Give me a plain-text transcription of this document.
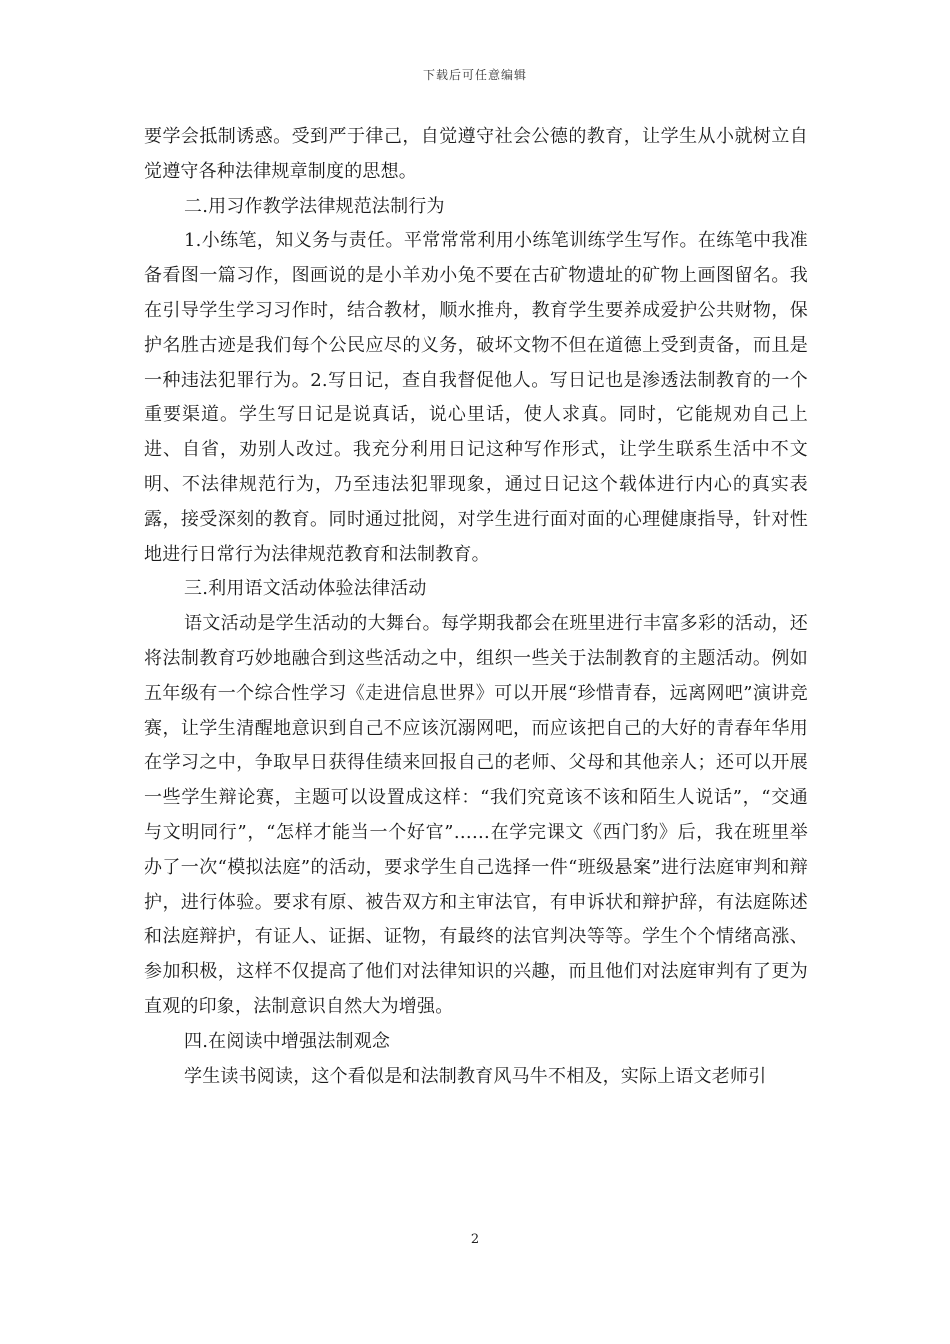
下载后可任意编辑

要学会抵制诱惑。受到严于律己，自觉遵守社会公德的教育，让学生从小就树立自觉遵守各种法律规章制度的思想。

二.用习作教学法律规范法制行为

1.小练笔，知义务与责任。平常常常利用小练笔训练学生写作。在练笔中我准备看图一篇习作，图画说的是小羊劝小兔不要在古矿物遗址的矿物上画图留名。我在引导学生学习习作时，结合教材，顺水推舟，教育学生要养成爱护公共财物，保护名胜古迹是我们每个公民应尽的义务，破坏文物不但在道德上受到责备，而且是一种违法犯罪行为。2.写日记，查自我督促他人。写日记也是渗透法制教育的一个重要渠道。学生写日记是说真话，说心里话，使人求真。同时，它能规劝自己上进、自省，劝别人改过。我充分利用日记这种写作形式，让学生联系生活中不文明、不法律规范行为，乃至违法犯罪现象，通过日记这个载体进行内心的真实表露，接受深刻的教育。同时通过批阅，对学生进行面对面的心理健康指导，针对性地进行日常行为法律规范教育和法制教育。

三.利用语文活动体验法律活动

语文活动是学生活动的大舞台。每学期我都会在班里进行丰富多彩的活动，还将法制教育巧妙地融合到这些活动之中，组织一些关于法制教育的主题活动。例如五年级有一个综合性学习《走进信息世界》可以开展“珍惜青春，远离网吧”演讲竞赛，让学生清醒地意识到自己不应该沉溺网吧，而应该把自己的大好的青春年华用在学习之中，争取早日获得佳绩来回报自己的老师、父母和其他亲人；还可以开展一些学生辩论赛，主题可以设置成这样：“我们究竟该不该和陌生人说话”，“交通与文明同行”，“怎样才能当一个好官”……在学完课文《西门豹》后，我在班里举办了一次“模拟法庭”的活动，要求学生自己选择一件“班级悬案”进行法庭审判和辩护，进行体验。要求有原、被告双方和主审法官，有申诉状和辩护辞，有法庭陈述和法庭辩护，有证人、证据、证物，有最终的法官判决等等。学生个个情绪高涨、参加积极，这样不仅提高了他们对法律知识的兴趣，而且他们对法庭审判有了更为直观的印象，法制意识自然大为增强。

四.在阅读中增强法制观念

学生读书阅读，这个看似是和法制教育风马牛不相及，实际上语文老师引

2
